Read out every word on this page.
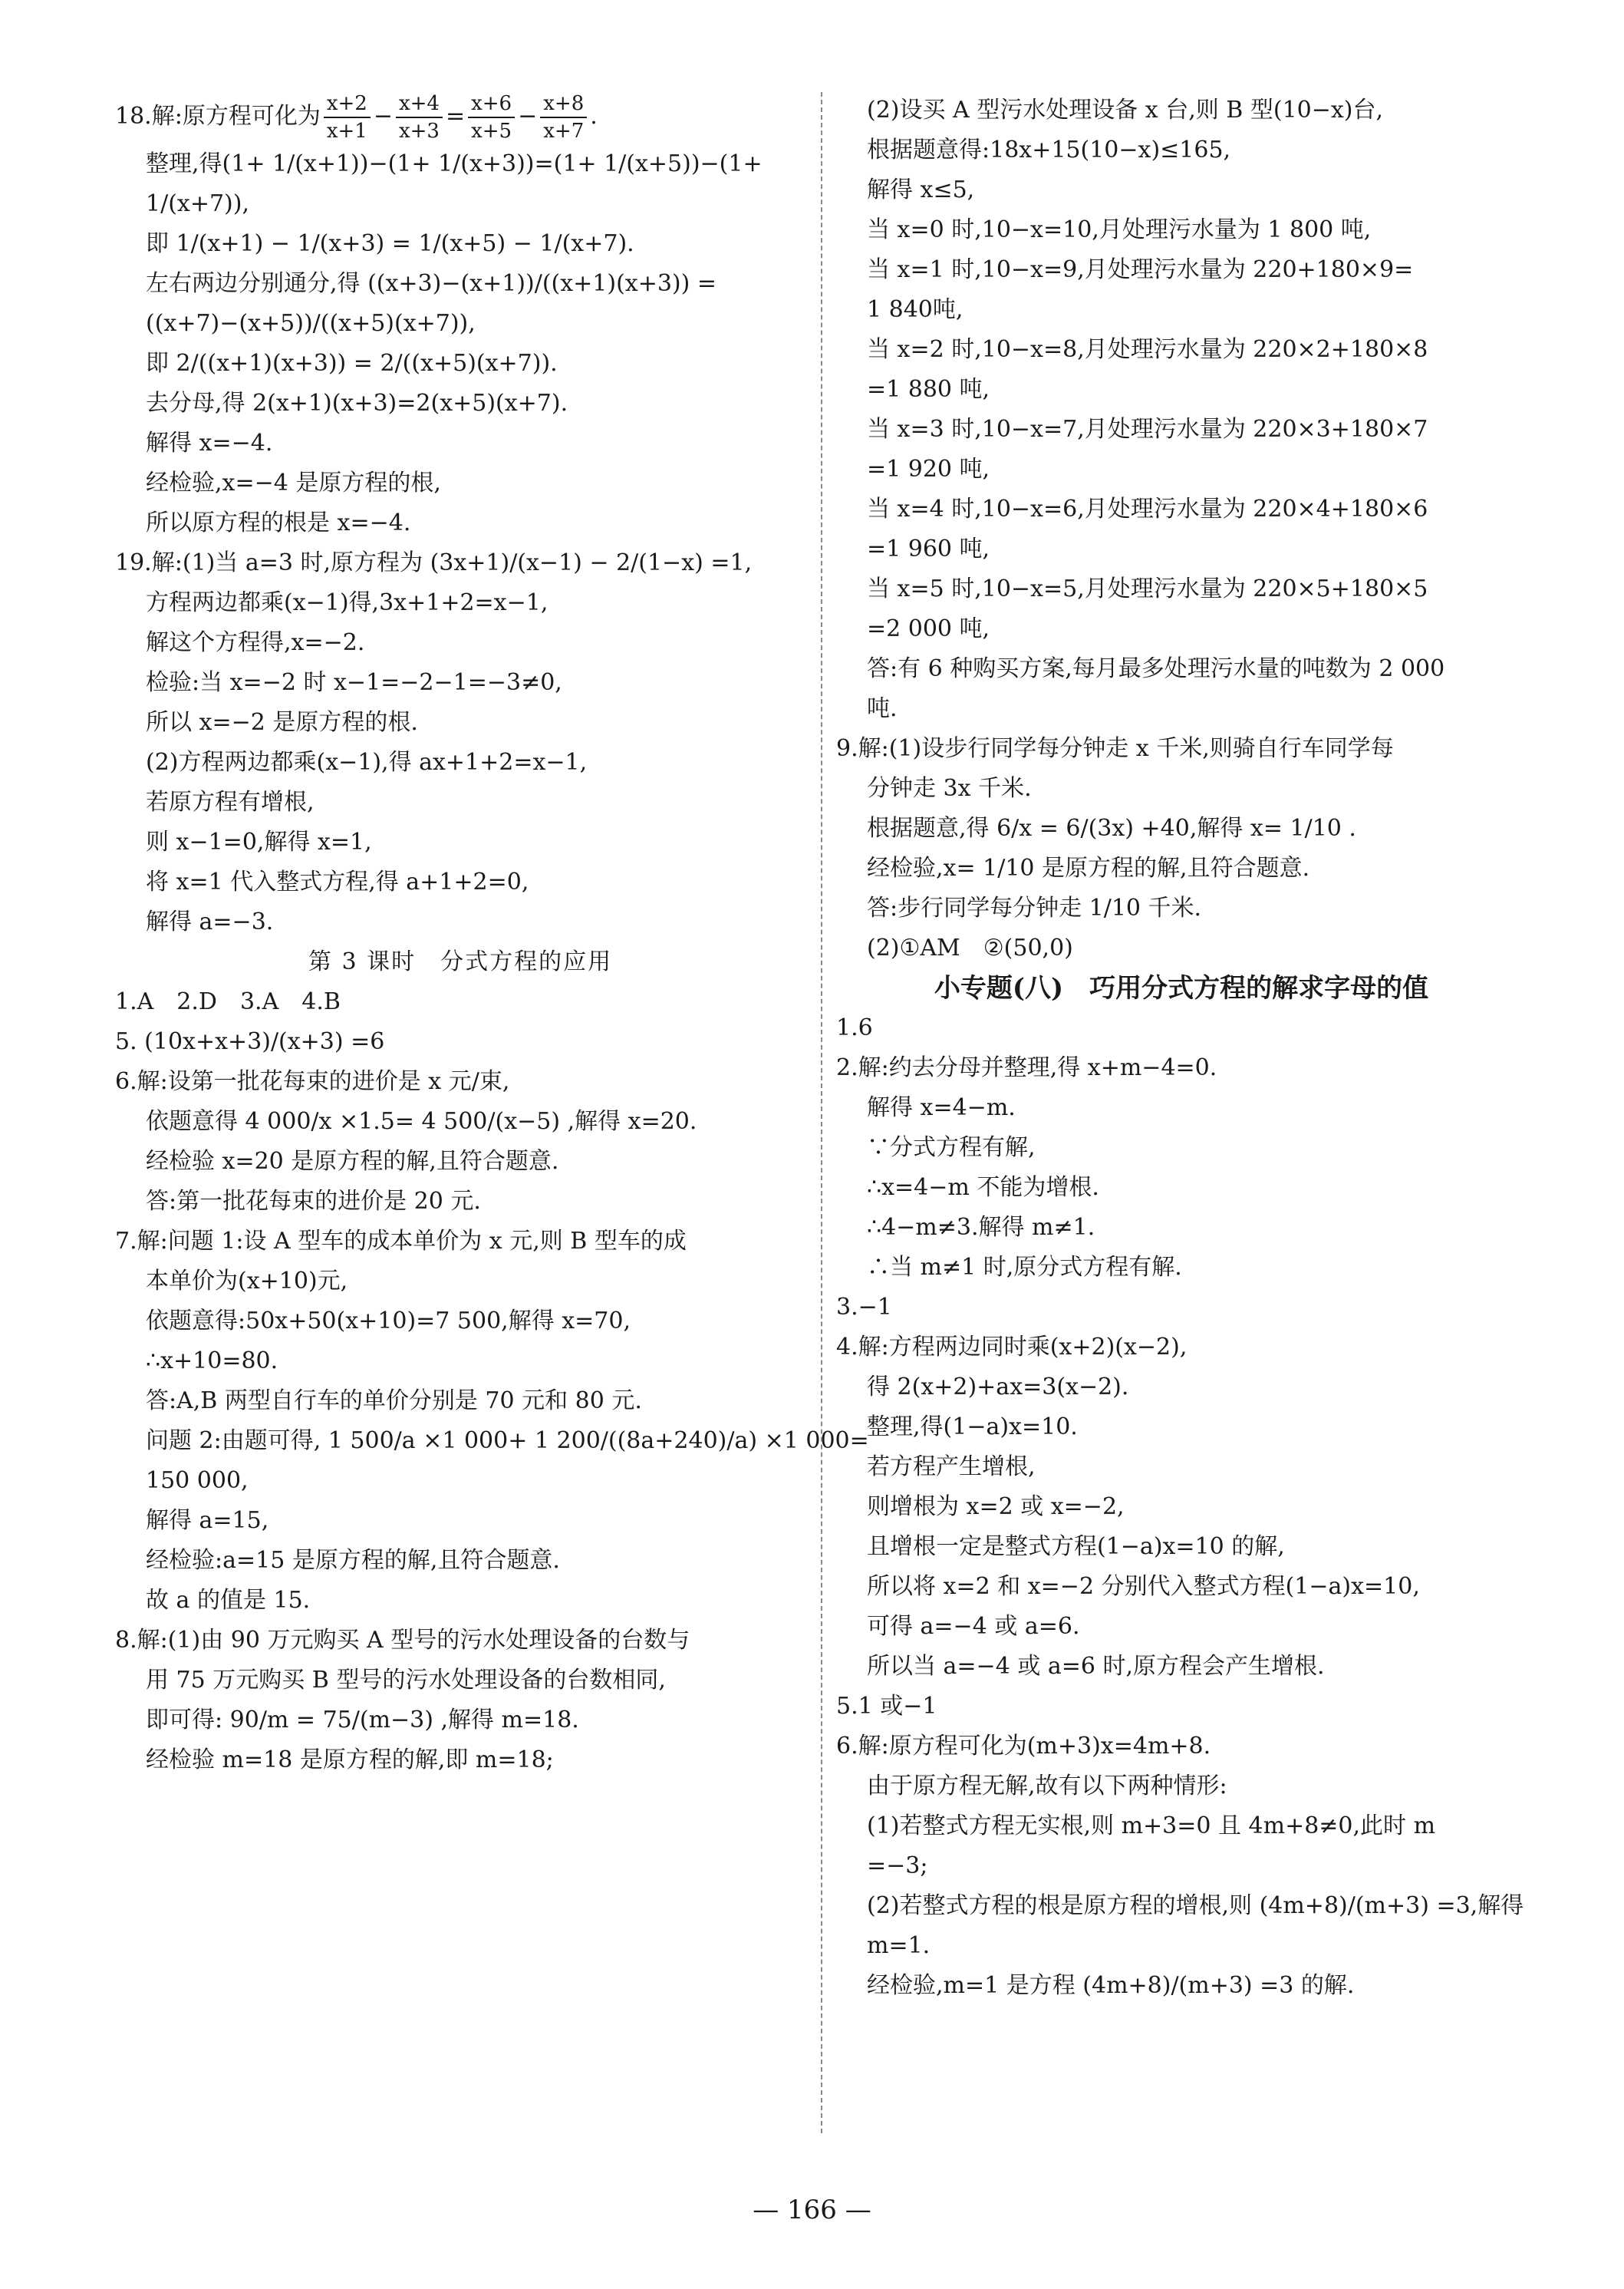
18.解:原方程可化为 $\frac{x+2}{x+1} - \frac{x+4}{x+3} = \frac{x+6}{x+5} - \frac{x+8}{x+7}$ .
整理,得(1+ 1/(x+1))−(1+ 1/(x+3))=(1+ 1/(x+5))−(1+
1/(x+7)),
即 1/(x+1) − 1/(x+3) = 1/(x+5) − 1/(x+7).
左右两边分别通分,得 ((x+3)−(x+1))/((x+1)(x+3)) =
((x+7)−(x+5))/((x+5)(x+7)),
即 2/((x+1)(x+3)) = 2/((x+5)(x+7)).
去分母,得 2(x+1)(x+3)=2(x+5)(x+7).
解得 x=−4.
经检验,x=−4 是原方程的根,
所以原方程的根是 x=−4.
19.解:(1)当 a=3 时,原方程为 (3x+1)/(x−1) − 2/(1−x) =1,
方程两边都乘(x−1)得,3x+1+2=x−1,
解这个方程得,x=−2.
检验:当 x=−2 时 x−1=−2−1=−3≠0,
所以 x=−2 是原方程的根.
(2)方程两边都乘(x−1),得 ax+1+2=x−1,
若原方程有增根,
则 x−1=0,解得 x=1,
将 x=1 代入整式方程,得 a+1+2=0,
解得 a=−3.
第 3 课时　分式方程的应用
1.A　2.D　3.A　4.B
5. (10x+x+3)/(x+3) =6
6.解:设第一批花每束的进价是 x 元/束,
依题意得 4 000/x ×1.5= 4 500/(x−5) ,解得 x=20.
经检验 x=20 是原方程的解,且符合题意.
答:第一批花每束的进价是 20 元.
7.解:问题 1:设 A 型车的成本单价为 x 元,则 B 型车的成
本单价为(x+10)元,
依题意得:50x+50(x+10)=7 500,解得 x=70,
∴x+10=80.
答:A,B 两型自行车的单价分别是 70 元和 80 元.
问题 2:由题可得, 1 500/a ×1 000+ 1 200/((8a+240)/a) ×1 000=
150 000,
解得 a=15,
经检验:a=15 是原方程的解,且符合题意.
故 a 的值是 15.
8.解:(1)由 90 万元购买 A 型号的污水处理设备的台数与
用 75 万元购买 B 型号的污水处理设备的台数相同,
即可得: 90/m = 75/(m−3) ,解得 m=18.
经检验 m=18 是原方程的解,即 m=18;
(2)设买 A 型污水处理设备 x 台,则 B 型(10−x)台,
根据题意得:18x+15(10−x)≤165,
解得 x≤5,
当 x=0 时,10−x=10,月处理污水量为 1 800 吨,
当 x=1 时,10−x=9,月处理污水量为 220+180×9=
1 840吨,
当 x=2 时,10−x=8,月处理污水量为 220×2+180×8
=1 880 吨,
当 x=3 时,10−x=7,月处理污水量为 220×3+180×7
=1 920 吨,
当 x=4 时,10−x=6,月处理污水量为 220×4+180×6
=1 960 吨,
当 x=5 时,10−x=5,月处理污水量为 220×5+180×5
=2 000 吨,
答:有 6 种购买方案,每月最多处理污水量的吨数为 2 000
吨.
9.解:(1)设步行同学每分钟走 x 千米,则骑自行车同学每
分钟走 3x 千米.
根据题意,得 6/x = 6/(3x) +40,解得 x= 1/10 .
经检验,x= 1/10 是原方程的解,且符合题意.
答:步行同学每分钟走 1/10 千米.
(2)①AM　②(50,0)
小专题(八)　巧用分式方程的解求字母的值
1.6
2.解:约去分母并整理,得 x+m−4=0.
解得 x=4−m.
∵分式方程有解,
∴x=4−m 不能为增根.
∴4−m≠3.解得 m≠1.
∴当 m≠1 时,原分式方程有解.
3.−1
4.解:方程两边同时乘(x+2)(x−2),
得 2(x+2)+ax=3(x−2).
整理,得(1−a)x=10.
若方程产生增根,
则增根为 x=2 或 x=−2,
且增根一定是整式方程(1−a)x=10 的解,
所以将 x=2 和 x=−2 分别代入整式方程(1−a)x=10,
可得 a=−4 或 a=6.
所以当 a=−4 或 a=6 时,原方程会产生增根.
5.1 或−1
6.解:原方程可化为(m+3)x=4m+8.
由于原方程无解,故有以下两种情形:
(1)若整式方程无实根,则 m+3=0 且 4m+8≠0,此时 m
=−3;
(2)若整式方程的根是原方程的增根,则 (4m+8)/(m+3) =3,解得
m=1.
经检验,m=1 是方程 (4m+8)/(m+3) =3 的解.
— 166 —
